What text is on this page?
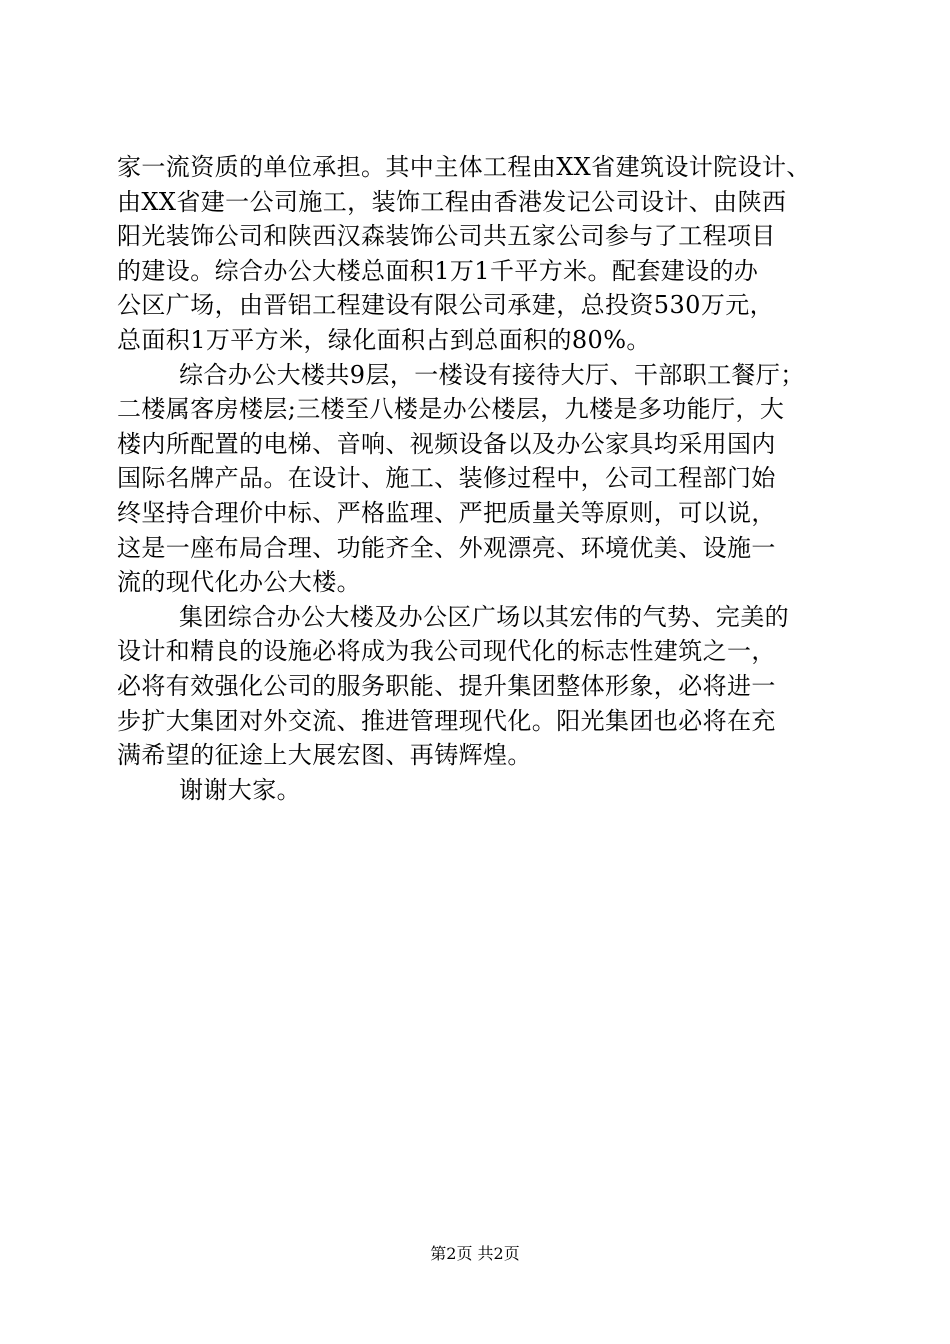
家一流资质的单位承担。其中主体工程由XX省建筑设计院设计、
由XX省建一公司施工，装饰工程由香港发记公司设计、由陕西
阳光装饰公司和陕西汉森装饰公司共五家公司参与了工程项目
的建设。综合办公大楼总面积1万1千平方米。配套建设的办
公区广场，由晋铝工程建设有限公司承建，总投资530万元，
总面积1万平方米，绿化面积占到总面积的80%。
综合办公大楼共9层，一楼设有接待大厅、干部职工餐厅；
二楼属客房楼层;三楼至八楼是办公楼层，九楼是多功能厅，大
楼内所配置的电梯、音响、视频设备以及办公家具均采用国内
国际名牌产品。在设计、施工、装修过程中，公司工程部门始
终坚持合理价中标、严格监理、严把质量关等原则，可以说，
这是一座布局合理、功能齐全、外观漂亮、环境优美、设施一
流的现代化办公大楼。
集团综合办公大楼及办公区广场以其宏伟的气势、完美的
设计和精良的设施必将成为我公司现代化的标志性建筑之一，
必将有效强化公司的服务职能、提升集团整体形象，必将进一
步扩大集团对外交流、推进管理现代化。阳光集团也必将在充
满希望的征途上大展宏图、再铸辉煌。
谢谢大家。
第2页 共2页
